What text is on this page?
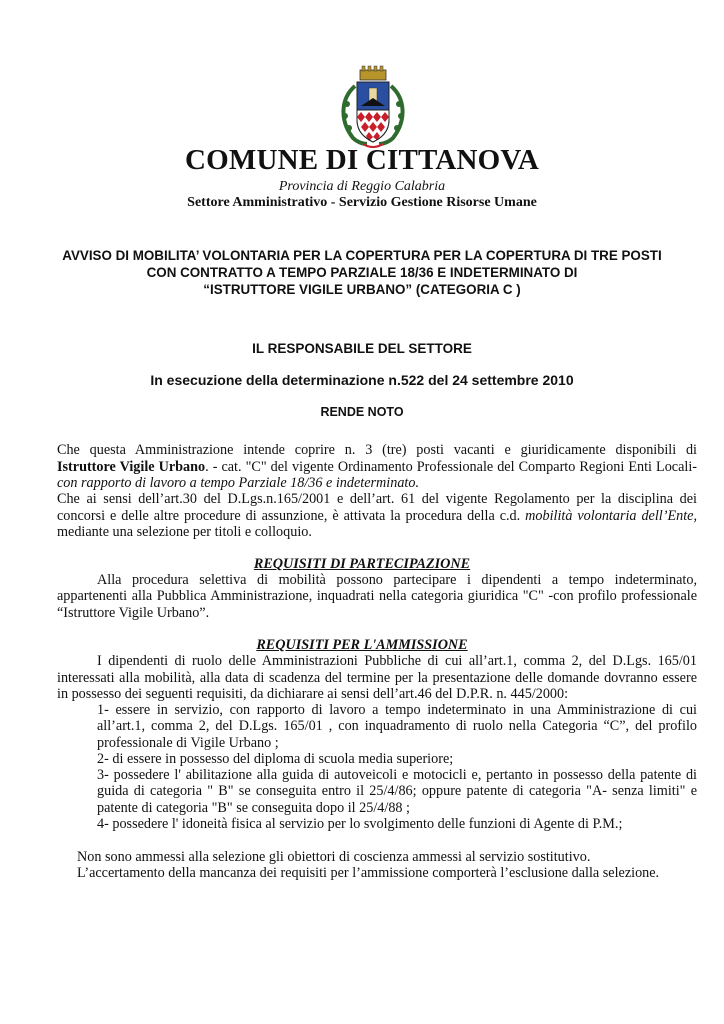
COMUNE DI CITTANOVA
Provincia di Reggio Calabria
Settore Amministrativo - Servizio Gestione Risorse Umane
AVVISO DI MOBILITA’ VOLONTARIA PER LA COPERTURA PER LA COPERTURA DI TRE POSTI
CON CONTRATTO A TEMPO PARZIALE 18/36 E INDETERMINATO DI
“ISTRUTTORE VIGILE URBANO” (CATEGORIA C )
IL RESPONSABILE DEL SETTORE
In esecuzione della determinazione n.522 del 24 settembre 2010
RENDE NOTO
Che questa Amministrazione intende coprire n. 3 (tre) posti vacanti e giuridicamente disponibili di
Istruttore Vigile Urbano. - cat. "C" del vigente Ordinamento Professionale del Comparto Regioni Enti Locali-
con rapporto di lavoro a tempo Parziale 18/36 e indeterminato.
Che ai sensi dell’art.30 del D.Lgs.n.165/2001 e dell’art. 61 del vigente Regolamento per la disciplina dei
concorsi e delle altre procedure di assunzione, è attivata la procedura della c.d. mobilità volontaria dell’Ente,
mediante una selezione per titoli e colloquio.
REQUISITI DI PARTECIPAZIONE
Alla procedura selettiva di mobilità possono partecipare i dipendenti a tempo indeterminato,
appartenenti alla Pubblica Amministrazione, inquadrati nella categoria giuridica "C" -con profilo professionale
“Istruttore Vigile Urbano”.
REQUISITI PER L'AMMISSIONE
I dipendenti di ruolo delle Amministrazioni Pubbliche di cui all’art.1, comma 2, del D.Lgs. 165/01
interessati alla mobilità, alla data di scadenza del termine per la presentazione delle domande dovranno essere
in possesso dei seguenti requisiti, da dichiarare ai sensi dell’art.46 del D.P.R. n. 445/2000:
1- essere in servizio, con rapporto di lavoro a tempo indeterminato in una Amministrazione di cui
all’art.1, comma 2, del D.Lgs. 165/01 , con inquadramento di ruolo nella Categoria “C”, del profilo
professionale di Vigile Urbano ;
2- di essere in possesso del diploma di scuola media superiore;
3- possedere l' abilitazione alla guida di autoveicoli e motocicli e, pertanto in possesso della patente di
guida di categoria " B" se conseguita entro il 25/4/86; oppure patente di categoria "A- senza limiti" e
patente di categoria "B" se conseguita dopo il 25/4/88 ;
4- possedere l' idoneità fisica al servizio per lo svolgimento delle funzioni di Agente di P.M.;
Non sono ammessi alla selezione gli obiettori di coscienza ammessi al servizio sostitutivo.
L’accertamento della mancanza dei requisiti per l’ammissione comporterà l’esclusione dalla selezione.
